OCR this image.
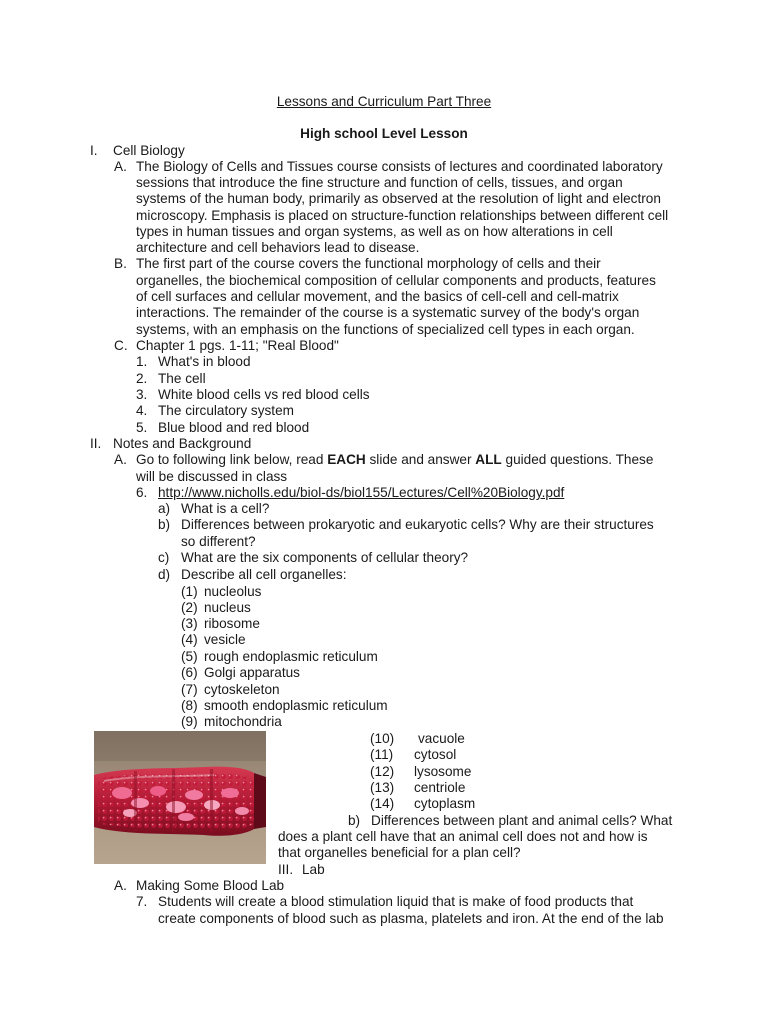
Lessons and Curriculum Part Three
High school Level Lesson
I. Cell Biology
A. The Biology of Cells and Tissues course consists of lectures and coordinated laboratory
sessions that introduce the fine structure and function of cells, tissues, and organ
systems of the human body, primarily as observed at the resolution of light and electron
microscopy. Emphasis is placed on structure-function relationships between different cell
types in human tissues and organ systems, as well as on how alterations in cell
architecture and cell behaviors lead to disease.
B. The first part of the course covers the functional morphology of cells and their
organelles, the biochemical composition of cellular components and products, features
of cell surfaces and cellular movement, and the basics of cell-cell and cell-matrix
interactions. The remainder of the course is a systematic survey of the body's organ
systems, with an emphasis on the functions of specialized cell types in each organ.
C. Chapter 1 pgs. 1-11; "Real Blood"
1. What's in blood
2. The cell
3. White blood cells vs red blood cells
4. The circulatory system
5. Blue blood and red blood
II. Notes and Background
A. Go to following link below, read EACH slide and answer ALL guided questions. These
will be discussed in class
6. http://www.nicholls.edu/biol-ds/biol155/Lectures/Cell%20Biology.pdf
a) What is a cell?
b) Differences between prokaryotic and eukaryotic cells? Why are their structures
so different?
c) What are the six components of cellular theory?
d) Describe all cell organelles:
(1) nucleolus
(2) nucleus
(3) ribosome
(4) vesicle
(5) rough endoplasmic reticulum
(6) Golgi apparatus
(7) cytoskeleton
(8) smooth endoplasmic reticulum
(9) mitochondria
(10) vacuole
(11) cytosol
(12) lysosome
(13) centriole
(14) cytoplasm
b) Differences between plant and animal cells? What
does a plant cell have that an animal cell does not and how is
that organelles beneficial for a plan cell?
III. Lab
A. Making Some Blood Lab
7. Students will create a blood stimulation liquid that is make of food products that
create components of blood such as plasma, platelets and iron. At the end of the lab
